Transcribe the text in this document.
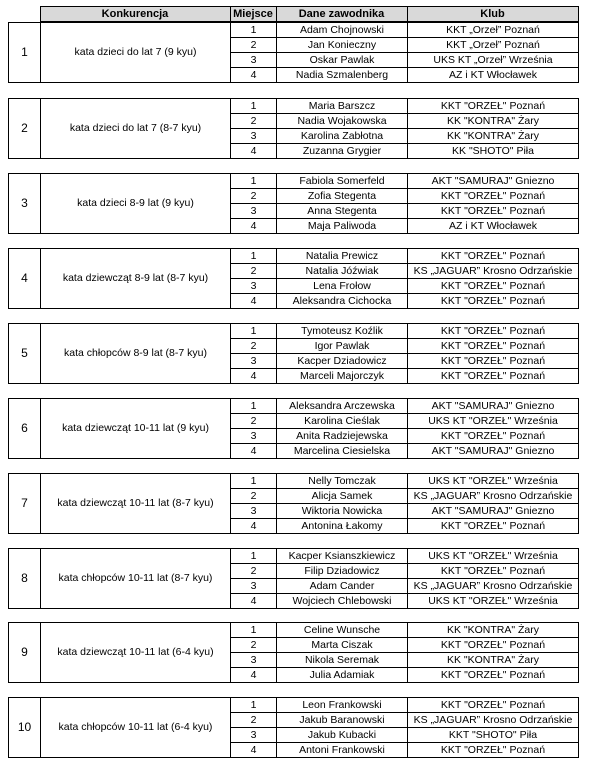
	Konkurencja	Miejsce	Dane zawodnika	Klub
1	kata dzieci do lat 7 (9 kyu)	1	Adam Chojnowski	KKT „Orzeł” Poznań
		2	Jan Konieczny	KKT „Orzeł” Poznań
		3	Oskar Pawlak	UKS KT „Orzeł” Września
		4	Nadia Szmalenberg	AZ i KT Włocławek
2	kata dzieci do lat 7 (8-7 kyu)	1	Maria Barszcz	KKT "ORZEŁ" Poznań
		2	Nadia Wojakowska	KK "KONTRA" Żary
		3	Karolina Zabłotna	KK "KONTRA" Żary
		4	Zuzanna Grygier	KK "SHOTO" Piła
3	kata dzieci 8-9 lat (9 kyu)	1	Fabiola Somerfeld	AKT "SAMURAJ" Gniezno
		2	Zofia Stegenta	KKT "ORZEŁ" Poznań
		3	Anna Stegenta	KKT "ORZEŁ" Poznań
		4	Maja Paliwoda	AZ i KT Włocławek
4	kata dziewcząt 8-9 lat (8-7 kyu)	1	Natalia Prewicz	KKT "ORZEŁ" Poznań
		2	Natalia Jóźwiak	KS „JAGUAR” Krosno Odrzańskie
		3	Lena Frołow	KKT "ORZEŁ" Poznań
		4	Aleksandra Cichocka	KKT "ORZEŁ" Poznań
5	kata chłopców 8-9 lat (8-7 kyu)	1	Tymoteusz Koźlik	KKT "ORZEŁ" Poznań
		2	Igor Pawlak	KKT "ORZEŁ" Poznań
		3	Kacper Dziadowicz	KKT "ORZEŁ" Poznań
		4	Marceli Majorczyk	KKT "ORZEŁ" Poznań
6	kata dziewcząt 10-11 lat (9 kyu)	1	Aleksandra Arczewska	AKT "SAMURAJ" Gniezno
		2	Karolina Cieślak	UKS KT "ORZEŁ" Września
		3	Anita Radziejewska	KKT "ORZEŁ" Poznań
		4	Marcelina Ciesielska	AKT "SAMURAJ" Gniezno
7	kata dziewcząt 10-11 lat (8-7 kyu)	1	Nelly Tomczak	UKS KT "ORZEŁ" Września
		2	Alicja Samek	KS „JAGUAR” Krosno Odrzańskie
		3	Wiktoria Nowicka	AKT "SAMURAJ" Gniezno
		4	Antonina Łakomy	KKT "ORZEŁ" Poznań
8	kata chłopców 10-11 lat (8-7 kyu)	1	Kacper Ksianszkiewicz	UKS KT "ORZEŁ" Września
		2	Filip Dziadowicz	KKT "ORZEŁ" Poznań
		3	Adam Cander	KS „JAGUAR” Krosno Odrzańskie
		4	Wojciech Chlebowski	UKS KT "ORZEŁ" Września
9	kata dziewcząt 10-11 lat (6-4 kyu)	1	Celine Wunsche	KK "KONTRA" Żary
		2	Marta Ciszak	KKT "ORZEŁ" Poznań
		3	Nikola Seremak	KK "KONTRA" Żary
		4	Julia Adamiak	KKT "ORZEŁ" Poznań
10	kata chłopców 10-11 lat (6-4 kyu)	1	Leon Frankowski	KKT "ORZEŁ" Poznań
		2	Jakub Baranowski	KS „JAGUAR” Krosno Odrzańskie
		3	Jakub Kubacki	KKT "SHOTO" Piła
		4	Antoni Frankowski	KKT "ORZEŁ" Poznań
